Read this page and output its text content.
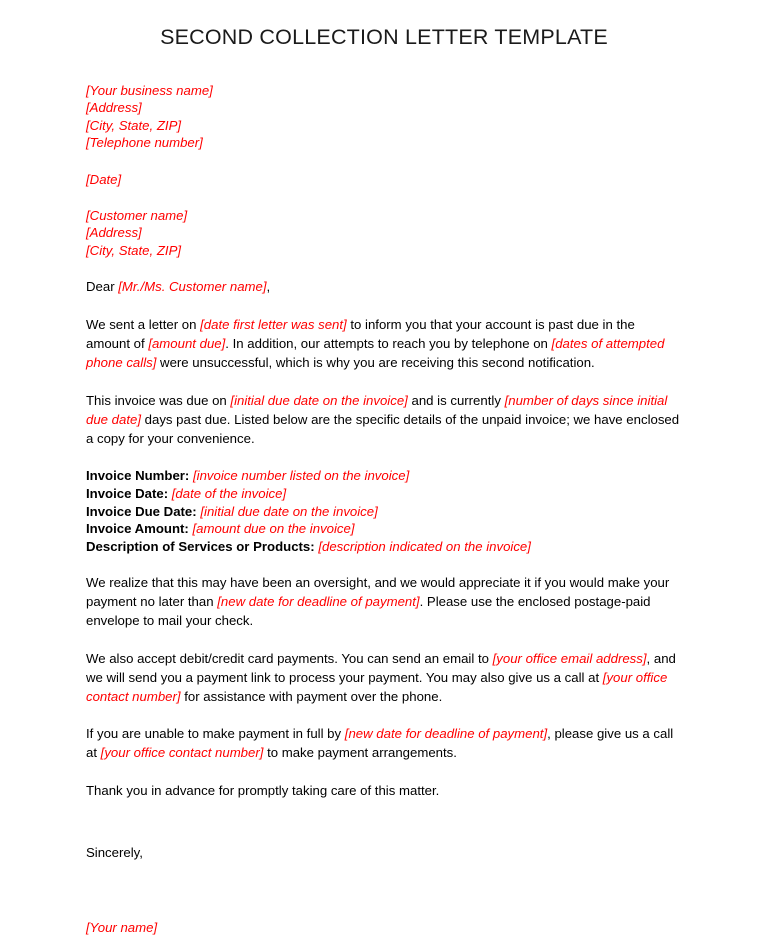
SECOND COLLECTION LETTER TEMPLATE
[Your business name]
[Address]
[City, State, ZIP]
[Telephone number]
[Date]
[Customer name]
[Address]
[City, State, ZIP]

Dear [Mr./Ms. Customer name],

We sent a letter on [date first letter was sent] to inform you that your account is past due in the amount of [amount due]. In addition, our attempts to reach you by telephone on [dates of attempted phone calls] were unsuccessful, which is why you are receiving this second notification.

This invoice was due on [initial due date on the invoice] and is currently [number of days since initial due date] days past due. Listed below are the specific details of the unpaid invoice; we have enclosed a copy for your convenience.

Invoice Number: [invoice number listed on the invoice]
Invoice Date: [date of the invoice]
Invoice Due Date: [initial due date on the invoice]
Invoice Amount: [amount due on the invoice]
Description of Services or Products: [description indicated on the invoice]

We realize that this may have been an oversight, and we would appreciate it if you would make your payment no later than [new date for deadline of payment]. Please use the enclosed postage-paid envelope to mail your check.

We also accept debit/credit card payments. You can send an email to [your office email address], and we will send you a payment link to process your payment. You may also give us a call at [your office contact number] for assistance with payment over the phone.

If you are unable to make payment in full by [new date for deadline of payment], please give us a call at [your office contact number] to make payment arrangements.

Thank you in advance for promptly taking care of this matter.

Sincerely,

[Your name]
